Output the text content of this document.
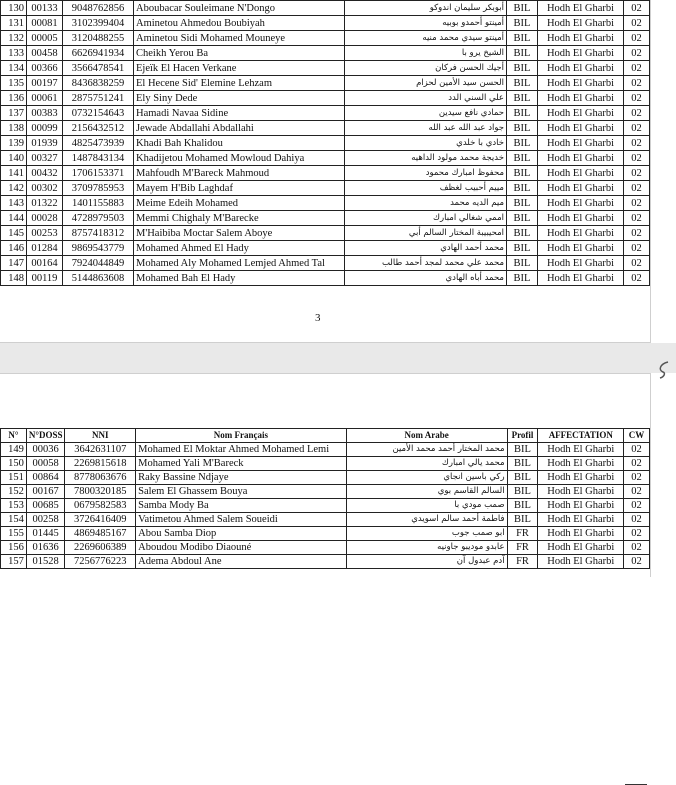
130	00133	9048762856	Aboubacar Souleimane N'Dongo	أبوبكر سليمان اندوكو	BIL	Hodh El Gharbi	02
131	00081	3102399404	Aminetou Ahmedou Boubiyah	أمينتو أحمدو بوبيه	BIL	Hodh El Gharbi	02
132	00005	3120488255	Aminetou Sidi Mohamed Mouneye	أمينتو سيدي محمد منيه	BIL	Hodh El Gharbi	02
133	00458	6626941934	Cheikh Yerou Ba	الشيخ يرو با	BIL	Hodh El Gharbi	02
134	00366	3566478541	Ejeïk El Hacen Verkane	أجيك الحسن فركان	BIL	Hodh El Gharbi	02
135	00197	8436838259	El Hecene Sid' Elemine Lehzam	الحسن سيد الأمين لحزام	BIL	Hodh El Gharbi	02
136	00061	2875751241	Ely Siny Dede	علي السني الدد	BIL	Hodh El Gharbi	02
137	00383	0732154643	Hamadi Navaa Sidine	حمادي نافع سيدين	BIL	Hodh El Gharbi	02
138	00099	2156432512	Jewade Abdallahi Abdallahi	جواد عبد الله عبد الله	BIL	Hodh El Gharbi	02
139	01939	4825473939	Khadi Bah Khalidou	خادي با خلدي	BIL	Hodh El Gharbi	02
140	00327	1487843134	Khadijetou Mohamed Mowloud Dahiya	خديجة محمد مولود الداهيه	BIL	Hodh El Gharbi	02
141	00432	1706153371	Mahfoudh M'Bareck Mahmoud	محفوظ امبارك محمود	BIL	Hodh El Gharbi	02
142	00302	3709785953	Mayem H'Bib Laghdaf	مييم أحبيب لغظف	BIL	Hodh El Gharbi	02
143	01322	1401155883	Meime Edeih Mohamed	ميم الديه محمد	BIL	Hodh El Gharbi	02
144	00028	4728979503	Memmi Chighaly M'Barecke	اممي شغالي امبارك	BIL	Hodh El Gharbi	02
145	00253	8757418312	M'Haibiba Moctar Salem Aboye	امحيبيبة المختار السالم أبي	BIL	Hodh El Gharbi	02
146	01284	9869543779	Mohamed Ahmed El Hady	محمد أحمد الهادي	BIL	Hodh El Gharbi	02
147	00164	7924044849	Mohamed Aly Mohamed Lemjed Ahmed Tal	محمد علي محمد لمجد أحمد طالب	BIL	Hodh El Gharbi	02
148	00119	5144863608	Mohamed Bah El Hady	محمد أباه الهادي	BIL	Hodh El Gharbi	02
3
N°	N°DOSS	NNI	Nom Français	Nom Arabe	Profil	AFFECTATION	CW
149	00036	3642631107	Mohamed El Moktar Ahmed Mohamed Lemi	محمد المختار أحمد محمد الأمين	BIL	Hodh El Gharbi	02
150	00058	2269815618	Mohamed Yali M'Bareck	محمد يالي امبارك	BIL	Hodh El Gharbi	02
151	00864	8778063676	Raky Bassine Ndjaye	ركي باسين انجاي	BIL	Hodh El Gharbi	02
152	00167	7800320185	Salem El Ghassem Bouya	السالم القاسم بوي	BIL	Hodh El Gharbi	02
153	00685	0679582583	Samba Mody Ba	صمب مودي با	BIL	Hodh El Gharbi	02
154	00258	3726416409	Vatimetou Ahmed Salem Soueidi	فاطمة أحمد سالم اسويدي	BIL	Hodh El Gharbi	02
155	01445	4869485167	Abou Samba Diop	ابو صمب جوب	FR	Hodh El Gharbi	02
156	01636	2269606389	Aboudou Modibo Diaouné	عابدو موديبو جاونيه	FR	Hodh El Gharbi	02
157	01528	7256776223	Adema Abdoul Ane	آدم عبدول آن	FR	Hodh El Gharbi	02
